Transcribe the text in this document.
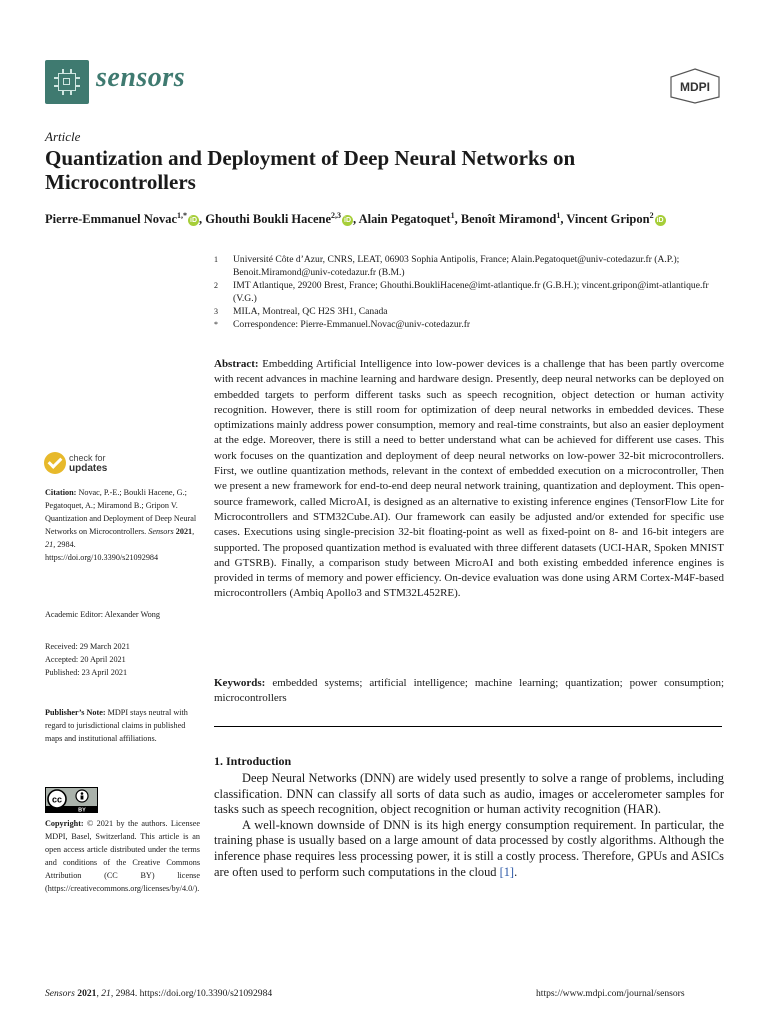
sensors	MDPI
Article
Quantization and Deployment of Deep Neural Networks on Microcontrollers
Pierre-Emmanuel Novac$^{1,*}$iD , Ghouthi Boukli Hacene$^{2,3}$iD , Alain Pegatoquet$^1$, Benoît Miramond$^1$, Vincent Gripon$^2$iD
1	Université Côte d’Azur, CNRS, LEAT, 06903 Sophia Antipolis, France; Alain.Pegatoquet@univ-cotedazur.fr (A.P.); Benoit.Miramond@univ-cotedazur.fr (B.M.)
2	IMT Atlantique, 29200 Brest, France; Ghouthi.BoukliHacene@imt-atlantique.fr (G.B.H.); vincent.gripon@imt-atlantique.fr (V.G.)
3	MILA, Montreal, QC H2S 3H1, Canada
*	Correspondence: Pierre-Emmanuel.Novac@univ-cotedazur.fr
Abstract: Embedding Artificial Intelligence into low-power devices is a challenge that has been partly overcome with recent advances in machine learning and hardware design. Presently, deep neural networks can be deployed on embedded targets to perform different tasks such as speech recognition, object detection or human activity recognition. However, there is still room for optimization of deep neural networks in embedded devices. These optimizations mainly address power consumption, memory and real-time constraints, but also an easier deployment at the edge. Moreover, there is still a need to better understand what can be achieved for different use cases. This work focuses on the quantization and deployment of deep neural networks on low-power 32-bit microcontrollers. First, we outline quantization methods, relevant in the context of embedded execution on a microcontroller, Then we present a new framework for end-to-end deep neural network training, quantization and deployment. This open-source framework, called MicroAI, is designed as an alternative to existing inference engines (TensorFlow Lite for Microcontrollers and STM32Cube.AI). Our framework can easily be adjusted and/or extended for specific use cases. Executions using single-precision 32-bit floating-point as well as fixed-point on 8- and 16-bit integers are supported. The proposed quantization method is evaluated with three different datasets (UCI-HAR, Spoken MNIST and GTSRB). Finally, a comparison study between MicroAI and both existing embedded inference engines is provided in terms of memory and power efficiency. On-device evaluation was done using ARM Cortex-M4F-based microcontrollers (Ambiq Apollo3 and STM32L452RE).
Keywords: embedded systems; artificial intelligence; machine learning; quantization; power consumption; microcontrollers
1. Introduction

Deep Neural Networks (DNN) are widely used presently to solve a range of problems, including classification. DNN can classify all sorts of data such as audio, images or accelerometer samples for tasks such as speech recognition, object recognition or human activity recognition (HAR).

A well-known downside of DNN is its high energy consumption requirement. In particular, the training phase is usually based on a large amount of data processed by costly algorithms. Although the inference phase requires less processing power, it is still a costly process. Therefore, GPUs and ASICs are often used to perform such computations in the cloud [1].

check for
updates
Citation: Novac, P.-E.; Boukli Hacene, G.; Pegatoquet, A.; Miramond B.; Gripon V. Quantization and Deployment of Deep Neural Networks on Microcontrollers. Sensors 2021, 21, 2984.
https://doi.org/10.3390/s21092984
Academic Editor: Alexander Wong
Received: 29 March 2021
Accepted: 20 April 2021
Published: 23 April 2021
Publisher’s Note: MDPI stays neutral with regard to jurisdictional claims in published maps and institutional affiliations.
cc
BY
Copyright: © 2021 by the authors. Licensee MDPI, Basel, Switzerland. This article is an open access article distributed under the terms and conditions of the Creative Commons Attribution (CC BY) license (https://creativecommons.org/licenses/by/4.0/).
Sensors 2021, 21, 2984. https://doi.org/10.3390/s21092984	https://www.mdpi.com/journal/sensors
